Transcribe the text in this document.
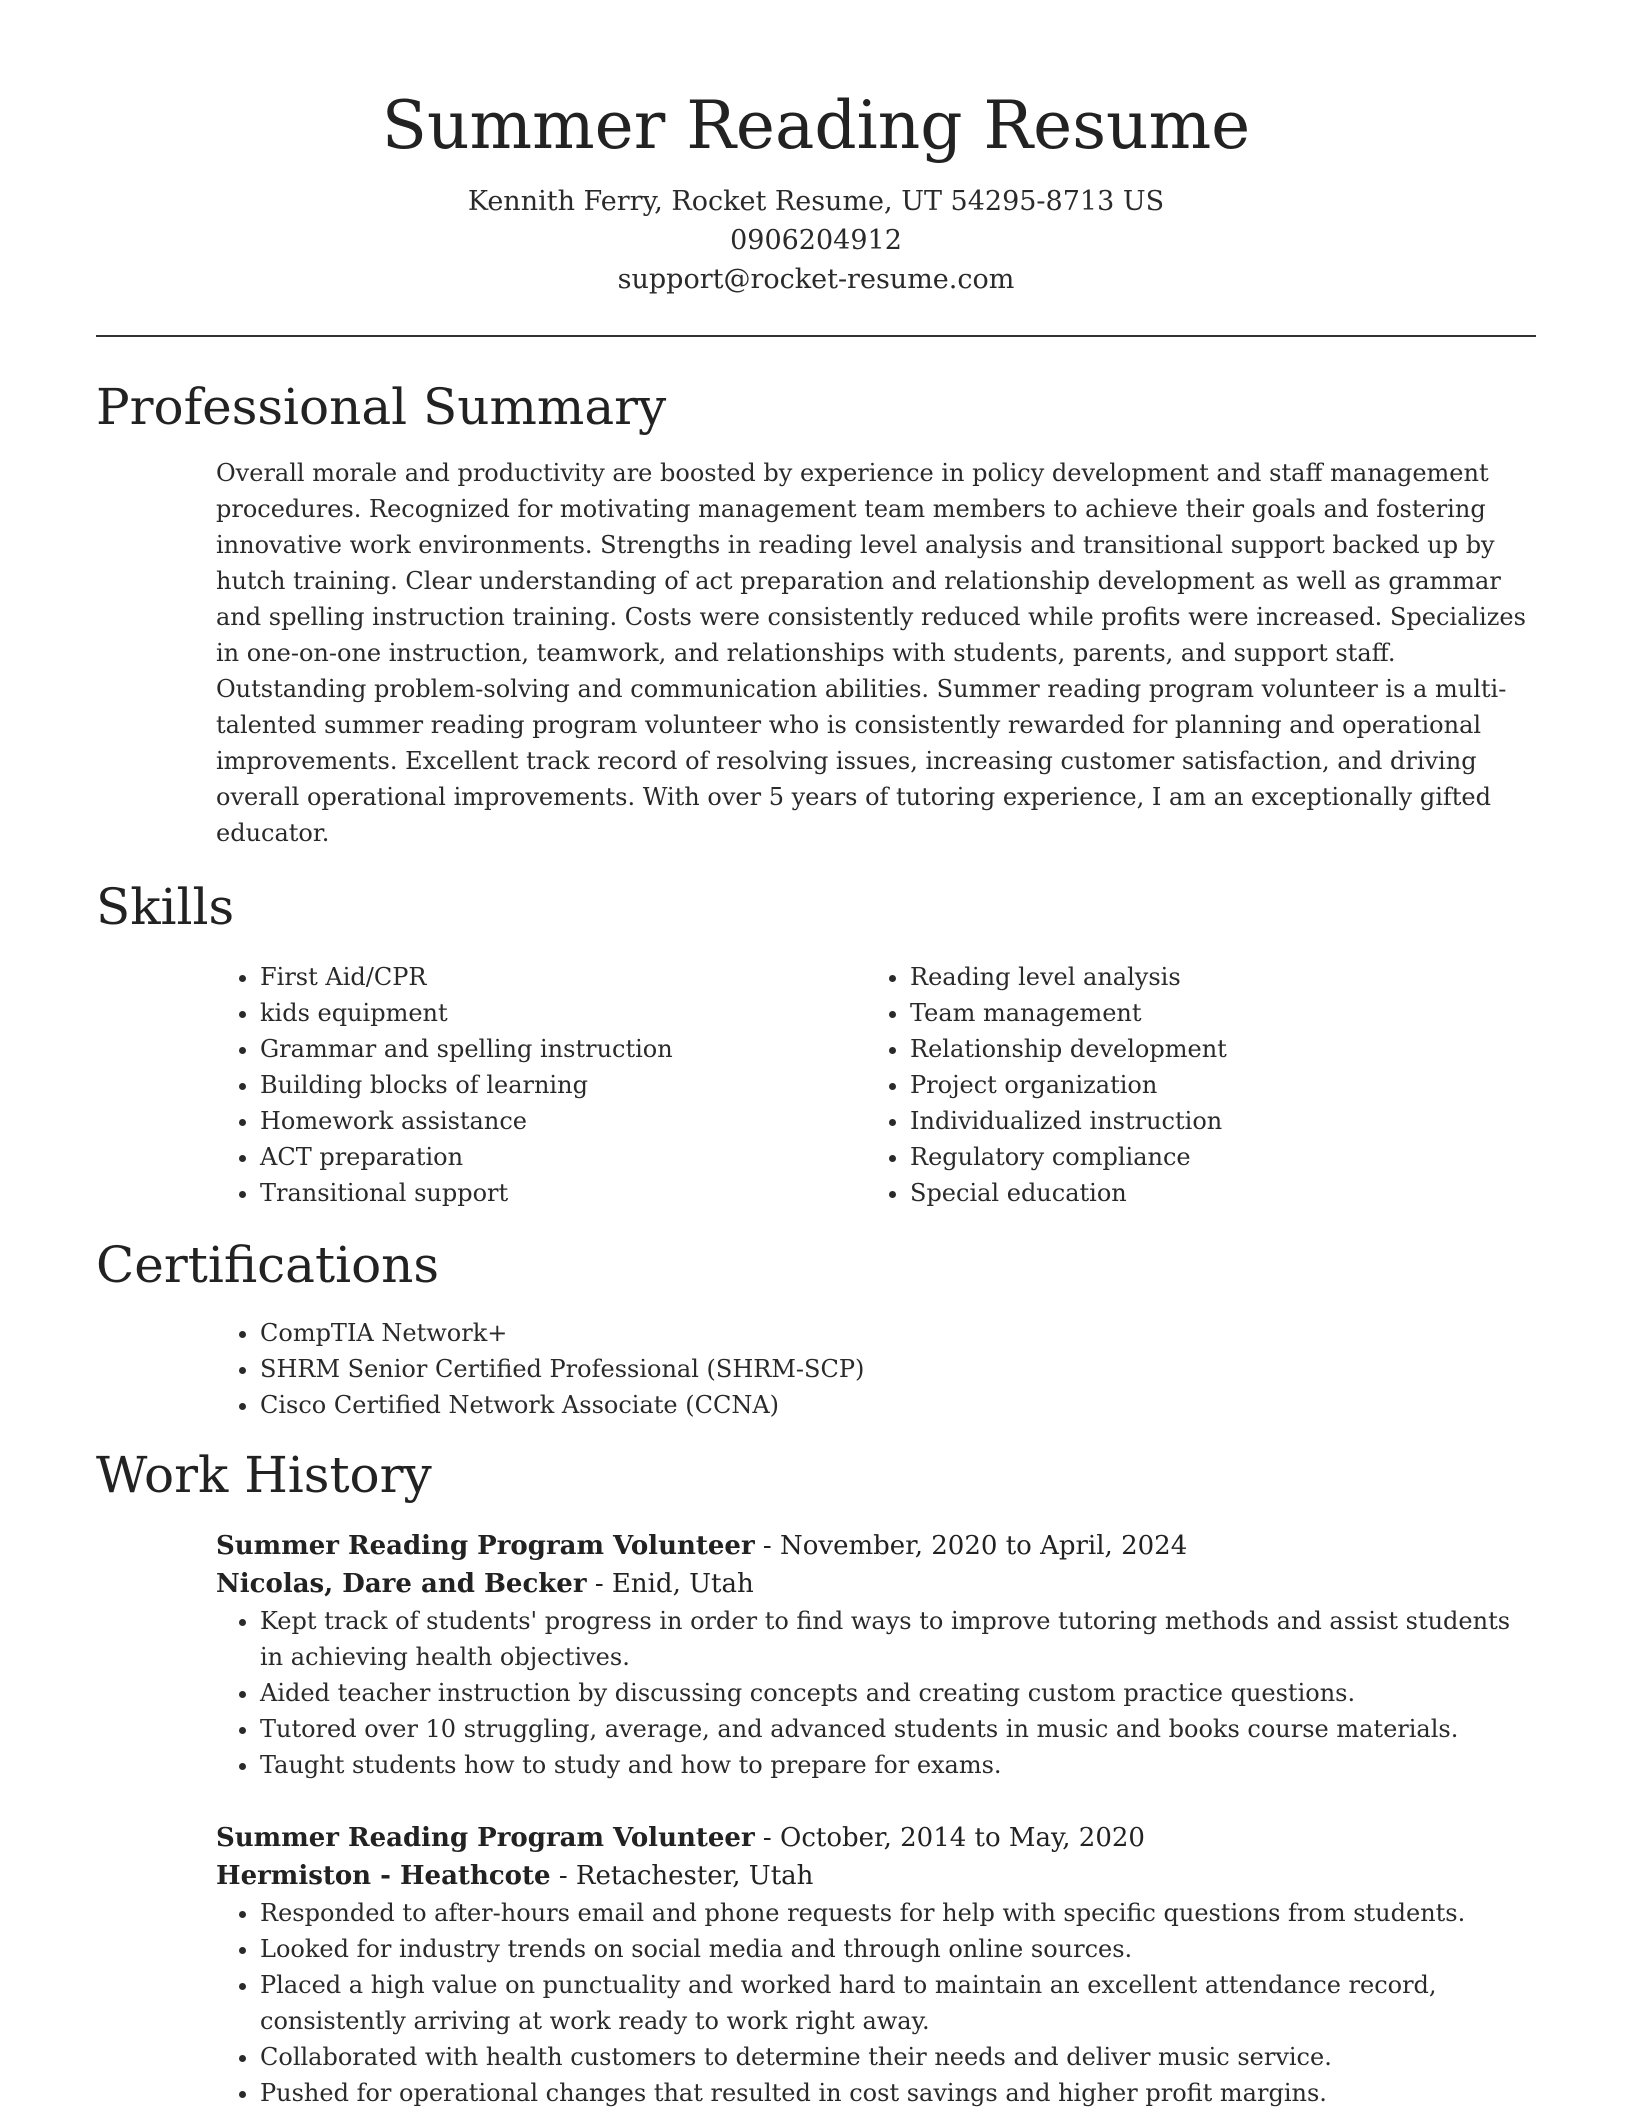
Summer Reading Resume
Kennith Ferry, Rocket Resume, UT 54295-8713 US
0906204912
support@rocket-resume.com
Professional Summary

Overall morale and productivity are boosted by experience in policy development and staff management procedures. Recognized for motivating management team members to achieve their goals and fostering innovative work environments. Strengths in reading level analysis and transitional support backed up by hutch training. Clear understanding of act preparation and relationship development as well as grammar and spelling instruction training. Costs were consistently reduced while profits were increased. Specializes in one-on-one instruction, teamwork, and relationships with students, parents, and support staff. Outstanding problem-solving and communication abilities. Summer reading program volunteer is a multi-talented summer reading program volunteer who is consistently rewarded for planning and operational improvements. Excellent track record of resolving issues, increasing customer satisfaction, and driving overall operational improvements. With over 5 years of tutoring experience, I am an exceptionally gifted educator.

Skills
• First Aid/CPR
• kids equipment
• Grammar and spelling instruction
• Building blocks of learning
• Homework assistance
• ACT preparation
• Transitional support
• Reading level analysis
• Team management
• Relationship development
• Project organization
• Individualized instruction
• Regulatory compliance
• Special education
Certifications
• CompTIA Network+
• SHRM Senior Certified Professional (SHRM-SCP)
• Cisco Certified Network Associate (CCNA)
Work History
Summer Reading Program Volunteer - November, 2020 to April, 2024
Nicolas, Dare and Becker - Enid, Utah
• Kept track of students' progress in order to find ways to improve tutoring methods and assist students in achieving health objectives.
• Aided teacher instruction by discussing concepts and creating custom practice questions.
• Tutored over 10 struggling, average, and advanced students in music and books course materials.
• Taught students how to study and how to prepare for exams.
Summer Reading Program Volunteer - October, 2014 to May, 2020
Hermiston - Heathcote - Retachester, Utah
• Responded to after-hours email and phone requests for help with specific questions from students.
• Looked for industry trends on social media and through online sources.
• Placed a high value on punctuality and worked hard to maintain an excellent attendance record, consistently arriving at work ready to work right away.
• Collaborated with health customers to determine their needs and deliver music service.
• Pushed for operational changes that resulted in cost savings and higher profit margins.
